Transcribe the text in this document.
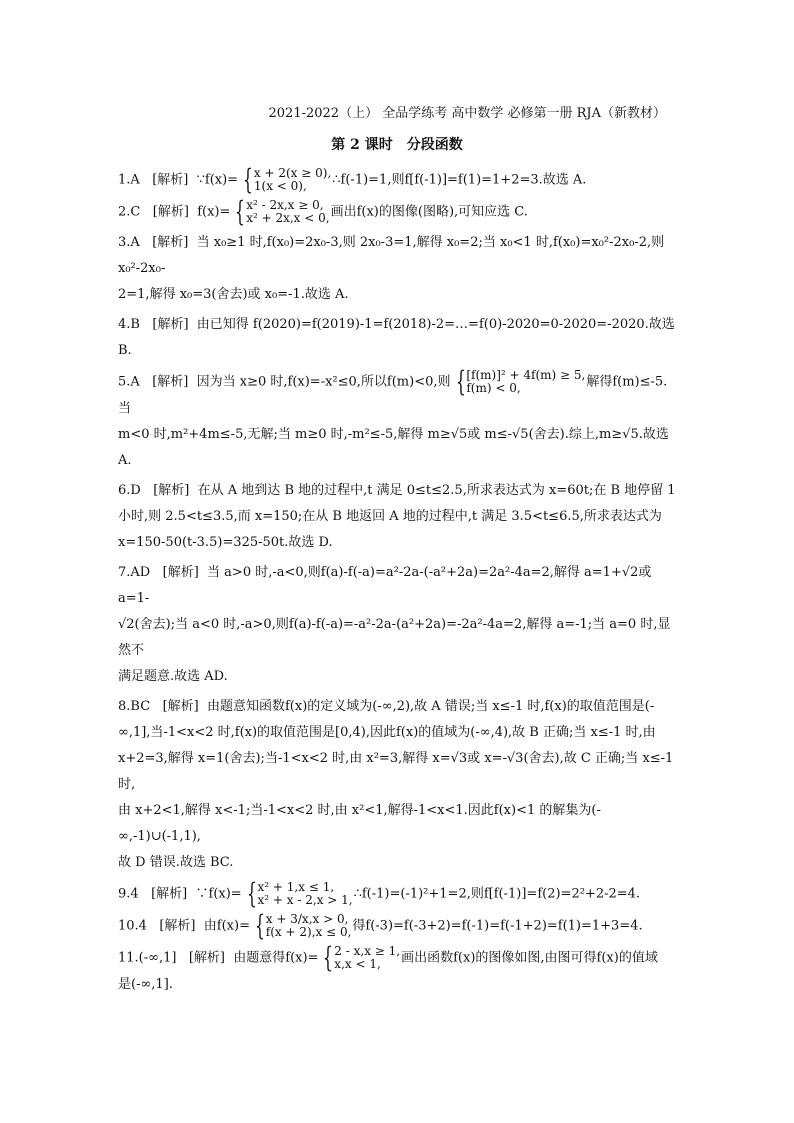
2021-2022（上） 全品学练考 高中数学 必修第一册 RJA（新教材）
第 2 课时　分段函数

1.A [解析] ∵f(x)= { x + 2(x ≥ 0),
1(x < 0),	∴f(-1)=1,则f[f(-1)]=f(1)=1+2=3.故选 A.

2.C [解析] f(x)= { x² - 2x,x ≥ 0,
x² + 2x,x < 0, 画出f(x)的图像(图略),可知应选 C.

3.A [解析] 当 x₀≥1 时,f(x₀)=2x₀-3,则 2x₀-3=1,解得 x₀=2;当 x₀<1 时,f(x₀)=x₀²-2x₀-2,则x₀²-2x₀-
2=1,解得 x₀=3(舍去)或 x₀=-1.故选 A.

4.B [解析] 由已知得 f(2020)=f(2019)-1=f(2018)-2=…=f(0)-2020=0-2020=-2020.故选 B.

5.A [解析] 因为当 x≥0 时,f(x)=-x²≤0,所以f(m)<0,则 { [f(m)]² + 4f(m) ≥ 5,
f(m) < 0,	解得f(m)≤-5.当
m<0 时,m²+4m≤-5,无解;当 m≥0 时,-m²≤-5,解得 m≥√5或 m≤-√5(舍去).综上,m≥√5.故选 A.

6.D [解析] 在从 A 地到达 B 地的过程中,t 满足 0≤t≤2.5,所求表达式为 x=60t;在 B 地停留 1
小时,则 2.5<t≤3.5,而 x=150;在从 B 地返回 A 地的过程中,t 满足 3.5<t≤6.5,所求表达式为
x=150-50(t-3.5)=325-50t.故选 D.

7.AD [解析] 当 a>0 时,-a<0,则f(a)-f(-a)=a²-2a-(-a²+2a)=2a²-4a=2,解得 a=1+√2或 a=1-
√2(舍去);当 a<0 时,-a>0,则f(a)-f(-a)=-a²-2a-(a²+2a)=-2a²-4a=2,解得 a=-1;当 a=0 时,显然不
满足题意.故选 AD.

8.BC [解析] 由题意知函数f(x)的定义域为(-∞,2),故 A 错误;当 x≤-1 时,f(x)的取值范围是(-
∞,1],当-1<x<2 时,f(x)的取值范围是[0,4),因此f(x)的值域为(-∞,4),故 B 正确;当 x≤-1 时,由
x+2=3,解得 x=1(舍去);当-1<x<2 时,由 x²=3,解得 x=√3或 x=-√3(舍去),故 C 正确;当 x≤-1 时,
由 x+2<1,解得 x<-1;当-1<x<2 时,由 x²<1,解得-1<x<1.因此f(x)<1 的解集为(-∞,-1)∪(-1,1),
故 D 错误.故选 BC.

9.4 [解析] ∵f(x)= { x² + 1,x ≤ 1,
x² + x - 2,x > 1, ∴f(-1)=(-1)²+1=2,则f[f(-1)]=f(2)=2²+2-2=4.

10.4 [解析] 由f(x)= { x + 3/x,x > 0,
f(x + 2),x ≤ 0, 得f(-3)=f(-3+2)=f(-1)=f(-1+2)=f(1)=1+3=4.

11.(-∞,1] [解析] 由题意得f(x)= { 2 - x,x ≥ 1,
x,x < 1,	画出函数f(x)的图像如图,由图可得f(x)的值域
是(-∞,1].
